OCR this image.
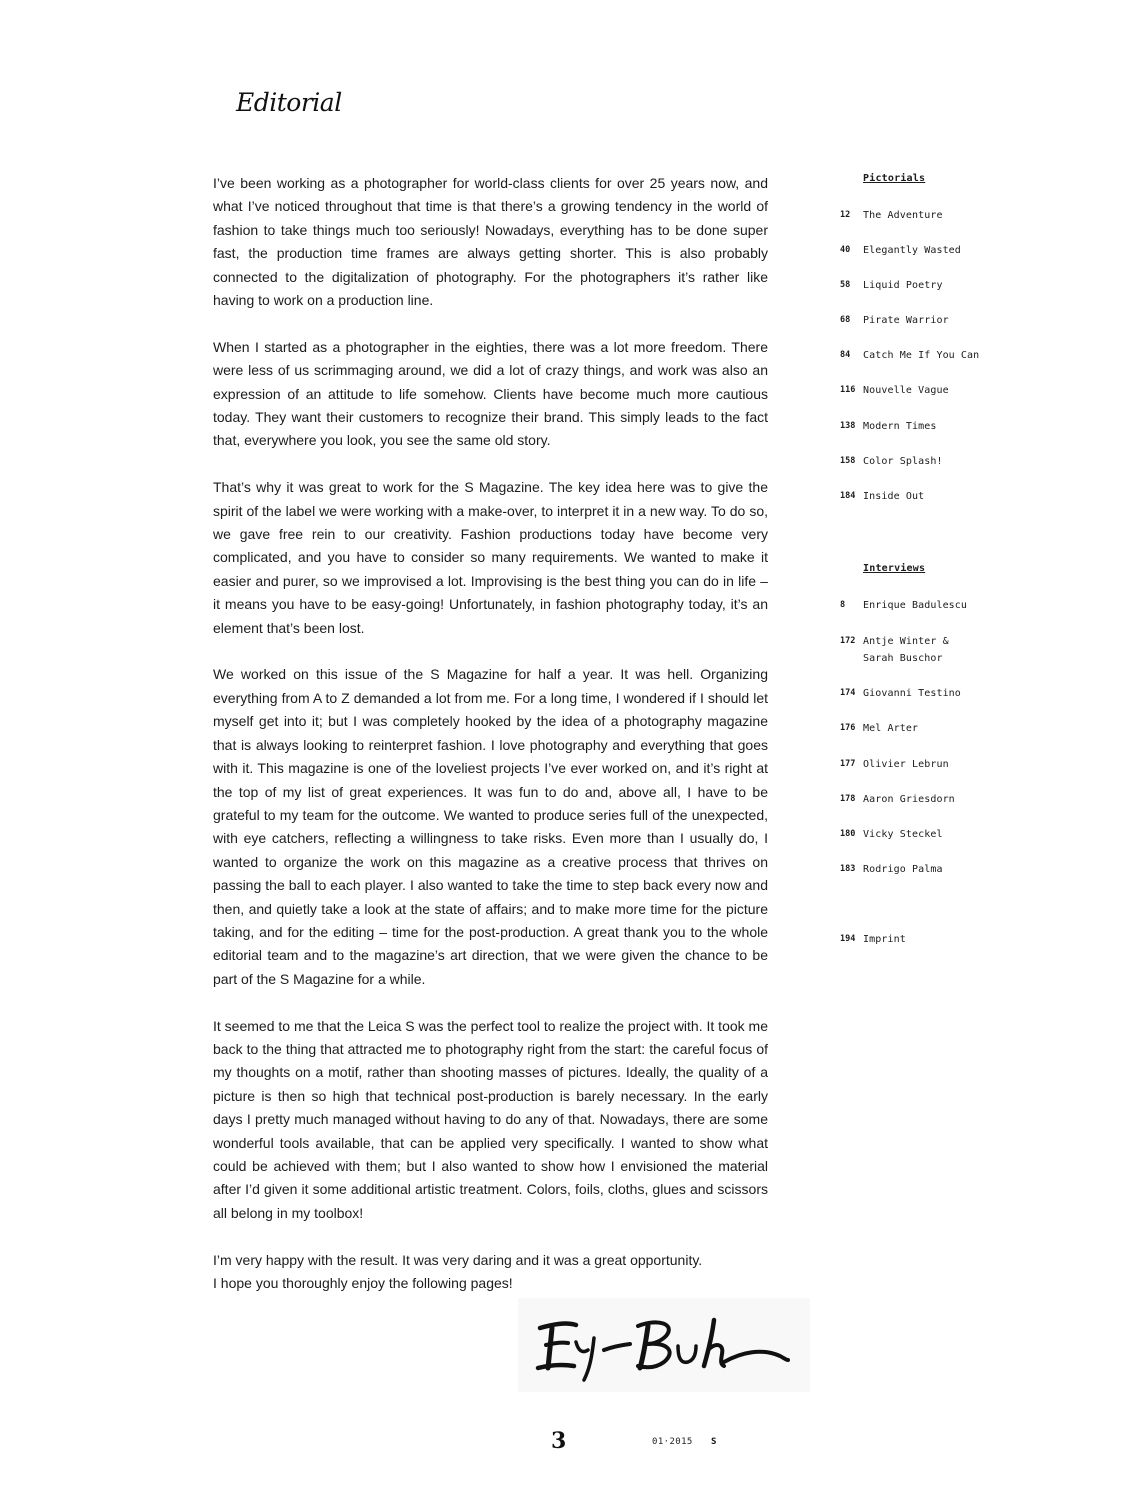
Editorial

I’ve been working as a photographer for world-class clients for over 25 years now, and what I’ve noticed throughout that time is that there’s a growing tendency in the world of fashion to take things much too seriously! Nowadays, everything has to be done super fast, the production time frames are always getting shorter. This is also probably connected to the digitalization of photography. For the photographers it’s rather like having to work on a production line.

When I started as a photographer in the eighties, there was a lot more freedom. There were less of us scrimmaging around, we did a lot of crazy things, and work was also an expression of an attitude to life somehow. Clients have become much more cautious today. They want their customers to recognize their brand. This simply leads to the fact that, everywhere you look, you see the same old story.

That’s why it was great to work for the S Magazine. The key idea here was to give the spirit of the label we were working with a make-over, to interpret it in a new way. To do so, we gave free rein to our creativity. Fashion productions today have become very complicated, and you have to consider so many requirements. We wanted to make it easier and purer, so we improvised a lot. Improvising is the best thing you can do in life – it means you have to be easy-going! Unfortunately, in fashion photography today, it’s an element that’s been lost.

We worked on this issue of the S Magazine for half a year. It was hell. Organizing everything from A to Z demanded a lot from me. For a long time, I wondered if I should let myself get into it; but I was completely hooked by the idea of a photography magazine that is always looking to reinterpret fashion. I love photography and everything that goes with it. This magazine is one of the loveliest projects I’ve ever worked on, and it’s right at the top of my list of great experiences. It was fun to do and, above all, I have to be grateful to my team for the outcome. We wanted to produce series full of the unexpected, with eye catchers, reflecting a willingness to take risks. Even more than I usually do, I wanted to organize the work on this magazine as a creative process that thrives on passing the ball to each player. I also wanted to take the time to step back every now and then, and quietly take a look at the state of affairs; and to make more time for the picture taking, and for the editing – time for the post-production. A great thank you to the whole editorial team and to the magazine’s art direction, that we were given the chance to be part of the S Magazine for a while.

It seemed to me that the Leica S was the perfect tool to realize the project with. It took me back to the thing that attracted me to photography right from the start: the careful focus of my thoughts on a motif, rather than shooting masses of pictures. Ideally, the quality of a picture is then so high that technical post-production is barely necessary. In the early days I pretty much managed without having to do any of that. Nowadays, there are some wonderful tools available, that can be applied very specifically. I wanted to show what could be achieved with them; but I also wanted to show how I envisioned the material after I’d given it some additional artistic treatment. Colors, foils, cloths, glues and scissors all belong in my toolbox!

I’m very happy with the result. It was very daring and it was a great opportunity.

I hope you thoroughly enjoy the following pages!

Pictorials
12	The Adventure
40	Elegantly Wasted
58	Liquid Poetry
68	Pirate Warrior
84	Catch Me If You Can
116 Nouvelle Vague
138 Modern Times
158 Color Splash!
184 Inside Out
Interviews
8	Enrique Badulescu
172 Antje Winter &
Sarah Buschor
174 Giovanni Testino
176 Mel Arter
177 Olivier Lebrun
178 Aaron Griesdorn
180 Vicky Steckel
183 Rodrigo Palma
194 Imprint
3	01·2015 S
